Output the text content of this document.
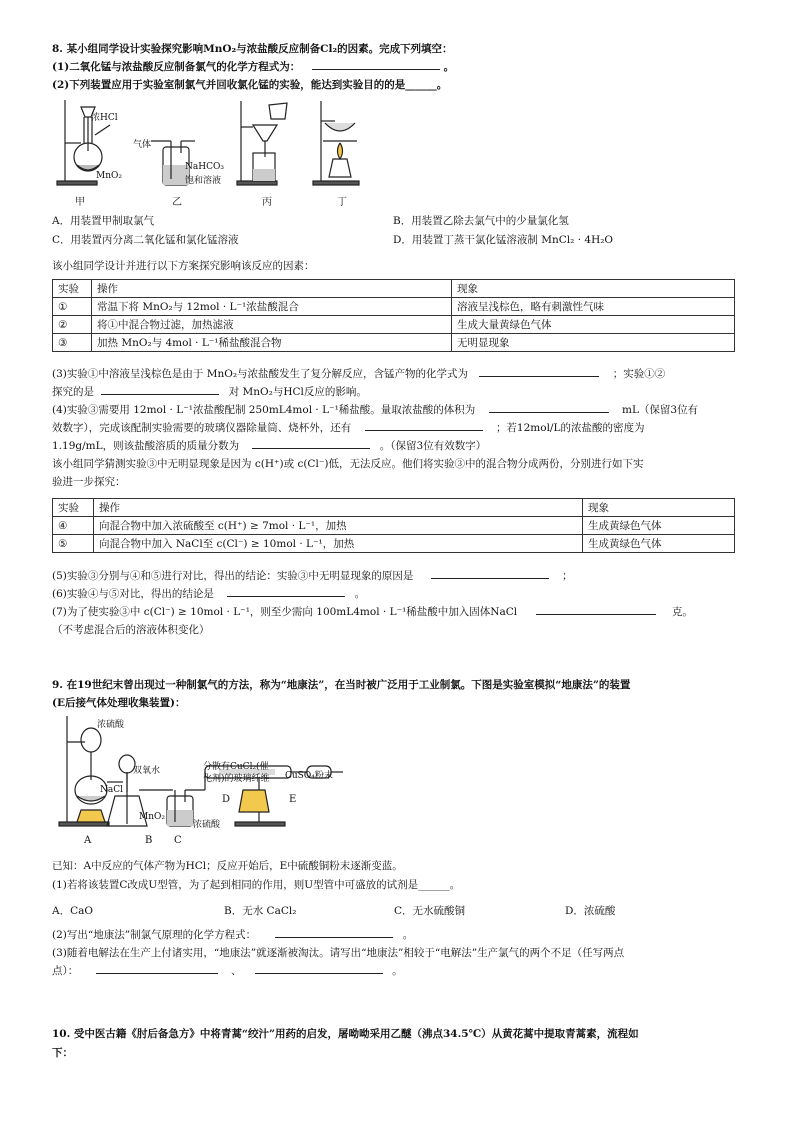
8. 某小组同学设计实验探究影响MnO₂与浓盐酸反应制备Cl₂的因素。完成下列填空：
(1)二氧化锰与浓盐酸反应制备氯气的化学方程式为：	。
(2)下列装置应用于实验室制氯气并回收氯化锰的实验，能达到实验目的的是______。
浓HCl
MnO₂
气体
NaHCO₃
饱和溶液
甲	乙	丙	丁
A．用装置甲制取氯气	B．用装置乙除去氯气中的少量氯化氢
C．用装置丙分离二氧化锰和氯化锰溶液	D．用装置丁蒸干氯化锰溶液制 MnCl₂ · 4H₂O
该小组同学设计并进行以下方案探究影响该反应的因素：
实验	操作	现象
①	常温下将 MnO₂与 12mol · L⁻¹浓盐酸混合	溶液呈浅棕色，略有刺激性气味
②	将①中混合物过滤，加热滤液	生成大量黄绿色气体
③	加热 MnO₂与 4mol · L⁻¹稀盐酸混合物	无明显现象
(3)实验①中溶液呈浅棕色是由于 MnO₂与浓盐酸发生了复分解反应，含锰产物的化学式为	；实验①②
探究的是	对 MnO₂与HCl反应的影响。
(4)实验③需要用 12mol · L⁻¹浓盐酸配制 250mL4mol · L⁻¹稀盐酸。量取浓盐酸的体积为	mL（保留3位有
效数字），完成该配制实验需要的玻璃仪器除量筒、烧杯外，还有	；若12mol/L的浓盐酸的密度为
1.19g/mL，则该盐酸溶质的质量分数为	。（保留3位有效数字）
该小组同学猜测实验③中无明显现象是因为 c(H⁺)或 c(Cl⁻)低，无法反应。他们将实验③中的混合物分成两份，分别进行如下实
验进一步探究：
实验	操作	现象
④	向混合物中加入浓硫酸至 c(H⁺) ≥ 7mol · L⁻¹，加热	生成黄绿色气体
⑤	向混合物中加入 NaCl至 c(Cl⁻) ≥ 10mol · L⁻¹，加热	生成黄绿色气体
(5)实验③分别与④和⑤进行对比，得出的结论：实验③中无明显现象的原因是	；
(6)实验④与⑤对比，得出的结论是	。
(7)为了使实验③中 c(Cl⁻) ≥ 10mol · L⁻¹，则至少需向 100mL4mol · L⁻¹稀盐酸中加入固体NaCl	克。
（不考虑混合后的溶液体积变化）
9. 在19世纪末曾出现过一种制氯气的方法，称为“地康法”，在当时被广泛用于工业制氯。下图是实验室模拟“地康法”的装置
(E后接气体处理收集装置)：
浓硫酸
双氧水
NaCl
MnO₂
浓硫酸
分散有CuCl₂(催
化剂)的玻璃纤维 CuSO₄粉末
A	B C
D	E
已知：A中反应的气体产物为HCl；反应开始后，E中硫酸铜粉末逐渐变蓝。
(1)若将该装置C改成U型管，为了起到相同的作用，则U型管中可盛放的试剂是______。
A．CaO	B．无水 CaCl₂	C．无水硫酸铜	D．浓硫酸
(2)写出“地康法”制氯气原理的化学方程式：	。
(3)随着电解法在生产上付诸实用，“地康法”就逐渐被淘汰。请写出“地康法”相较于“电解法”生产氯气的两个不足（任写两点
点）：	、	。
10. 受中医古籍《肘后备急方》中将青蒿“绞汁”用药的启发，屠呦呦采用乙醚（沸点34.5℃）从黄花蒿中提取青蒿素，流程如
下：
